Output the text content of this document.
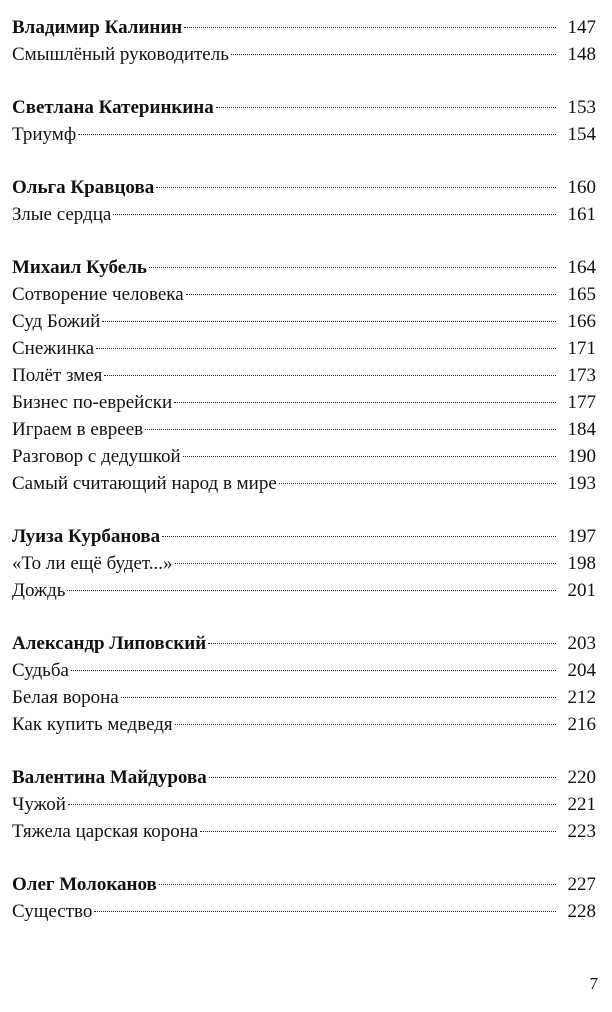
Владимир Калинин	147
Смышлёный руководитель	148
Светлана Катеринкина	153
Триумф	154
Ольга Кравцова	160
Злые сердца	161
Михаил Кубель	164
Сотворение человека	165
Суд Божий	166
Снежинка	171
Полёт змея	173
Бизнес по-еврейски	177
Играем в евреев	184
Разговор с дедушкой	190
Самый считающий народ в мире	193
Луиза Курбанова	197
«То ли ещё будет...»	198
Дождь	201
Александр Липовский	203
Судьба	204
Белая ворона	212
Как купить медведя	216
Валентина Майдурова	220
Чужой	221
Тяжела царская корона	223
Олег Молоканов	227
Существо	228
7
